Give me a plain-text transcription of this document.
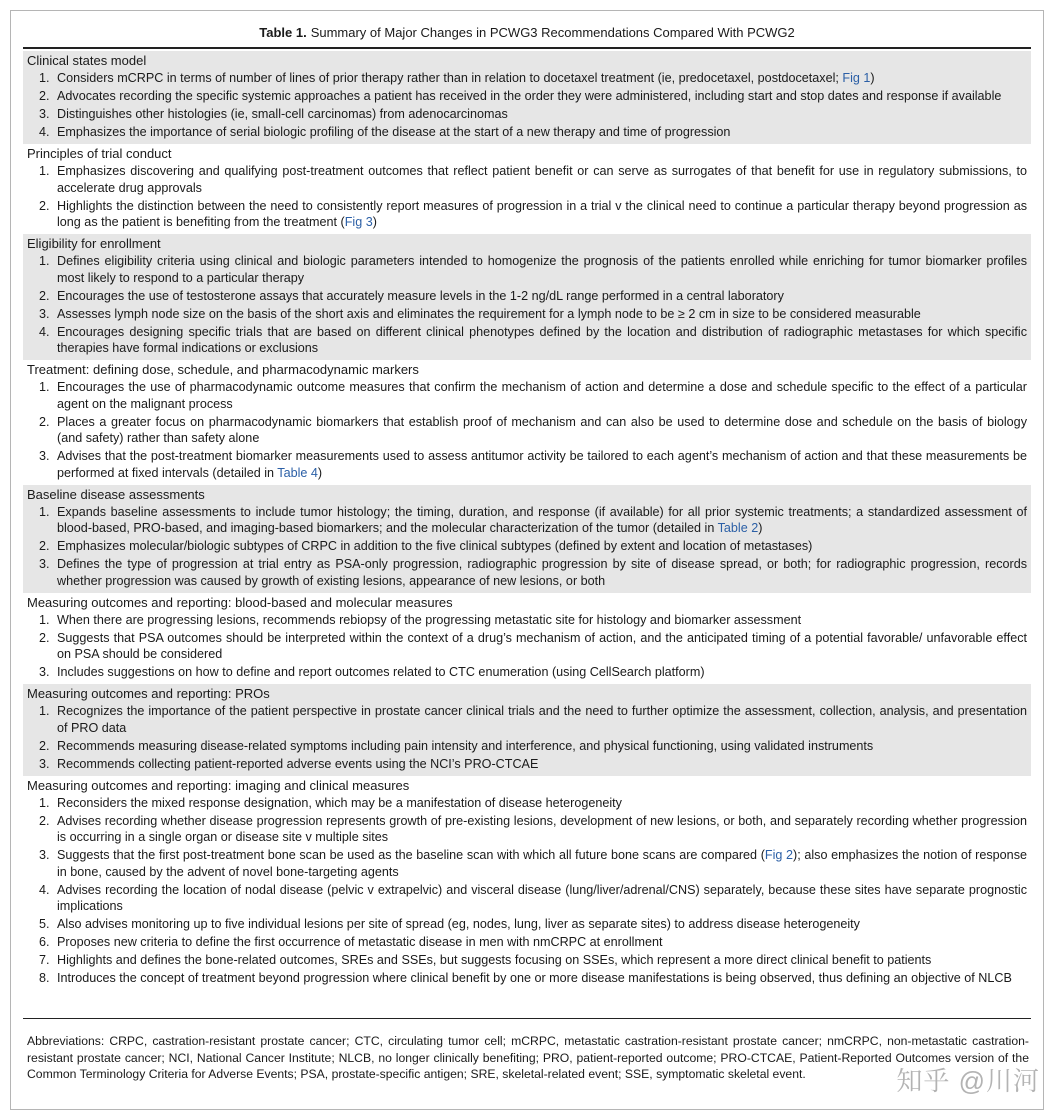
Table 1. Summary of Major Changes in PCWG3 Recommendations Compared With PCWG2
Clinical states model
1. Considers mCRPC in terms of number of lines of prior therapy rather than in relation to docetaxel treatment (ie, predocetaxel, postdocetaxel; Fig 1)
2. Advocates recording the specific systemic approaches a patient has received in the order they were administered, including start and stop dates and response if available
3. Distinguishes other histologies (ie, small-cell carcinomas) from adenocarcinomas
4. Emphasizes the importance of serial biologic profiling of the disease at the start of a new therapy and time of progression
Principles of trial conduct
1. Emphasizes discovering and qualifying post-treatment outcomes that reflect patient benefit or can serve as surrogates of that benefit for use in regulatory submissions, to accelerate drug approvals
2. Highlights the distinction between the need to consistently report measures of progression in a trial v the clinical need to continue a particular therapy beyond progression as long as the patient is benefiting from the treatment (Fig 3)
Eligibility for enrollment
1. Defines eligibility criteria using clinical and biologic parameters intended to homogenize the prognosis of the patients enrolled while enriching for tumor biomarker profiles most likely to respond to a particular therapy
2. Encourages the use of testosterone assays that accurately measure levels in the 1-2 ng/dL range performed in a central laboratory
3. Assesses lymph node size on the basis of the short axis and eliminates the requirement for a lymph node to be ≥ 2 cm in size to be considered measurable
4. Encourages designing specific trials that are based on different clinical phenotypes defined by the location and distribution of radiographic metastases for which specific therapies have formal indications or exclusions
Treatment: defining dose, schedule, and pharmacodynamic markers
1. Encourages the use of pharmacodynamic outcome measures that confirm the mechanism of action and determine a dose and schedule specific to the effect of a particular agent on the malignant process
2. Places a greater focus on pharmacodynamic biomarkers that establish proof of mechanism and can also be used to determine dose and schedule on the basis of biology (and safety) rather than safety alone
3. Advises that the post-treatment biomarker measurements used to assess antitumor activity be tailored to each agent’s mechanism of action and that these measurements be performed at fixed intervals (detailed in Table 4)
Baseline disease assessments
1. Expands baseline assessments to include tumor histology; the timing, duration, and response (if available) for all prior systemic treatments; a standardized assessment of blood-based, PRO-based, and imaging-based biomarkers; and the molecular characterization of the tumor (detailed in Table 2)
2. Emphasizes molecular/biologic subtypes of CRPC in addition to the five clinical subtypes (defined by extent and location of metastases)
3. Defines the type of progression at trial entry as PSA-only progression, radiographic progression by site of disease spread, or both; for radiographic progression, records whether progression was caused by growth of existing lesions, appearance of new lesions, or both
Measuring outcomes and reporting: blood-based and molecular measures
1. When there are progressing lesions, recommends rebiopsy of the progressing metastatic site for histology and biomarker assessment
2. Suggests that PSA outcomes should be interpreted within the context of a drug’s mechanism of action, and the anticipated timing of a potential favorable/ unfavorable effect on PSA should be considered
3. Includes suggestions on how to define and report outcomes related to CTC enumeration (using CellSearch platform)
Measuring outcomes and reporting: PROs
1. Recognizes the importance of the patient perspective in prostate cancer clinical trials and the need to further optimize the assessment, collection, analysis, and presentation of PRO data
2. Recommends measuring disease-related symptoms including pain intensity and interference, and physical functioning, using validated instruments
3. Recommends collecting patient-reported adverse events using the NCI’s PRO-CTCAE
Measuring outcomes and reporting: imaging and clinical measures
1. Reconsiders the mixed response designation, which may be a manifestation of disease heterogeneity
2. Advises recording whether disease progression represents growth of pre-existing lesions, development of new lesions, or both, and separately recording whether progression is occurring in a single organ or disease site v multiple sites
3. Suggests that the first post-treatment bone scan be used as the baseline scan with which all future bone scans are compared (Fig 2); also emphasizes the notion of response in bone, caused by the advent of novel bone-targeting agents
4. Advises recording the location of nodal disease (pelvic v extrapelvic) and visceral disease (lung/liver/adrenal/CNS) separately, because these sites have separate prognostic implications
5. Also advises monitoring up to five individual lesions per site of spread (eg, nodes, lung, liver as separate sites) to address disease heterogeneity
6. Proposes new criteria to define the first occurrence of metastatic disease in men with nmCRPC at enrollment
7. Highlights and defines the bone-related outcomes, SREs and SSEs, but suggests focusing on SSEs, which represent a more direct clinical benefit to patients
8. Introduces the concept of treatment beyond progression where clinical benefit by one or more disease manifestations is being observed, thus defining an objective of NLCB
Abbreviations: CRPC, castration-resistant prostate cancer; CTC, circulating tumor cell; mCRPC, metastatic castration-resistant prostate cancer; nmCRPC, non-metastatic castration-resistant prostate cancer; NCI, National Cancer Institute; NLCB, no longer clinically benefiting; PRO, patient-reported outcome; PRO-CTCAE, Patient-Reported Outcomes version of the Common Terminology Criteria for Adverse Events; PSA, prostate-specific antigen; SRE, skeletal-related event; SSE, symptomatic skeletal event.	知乎 @川河
